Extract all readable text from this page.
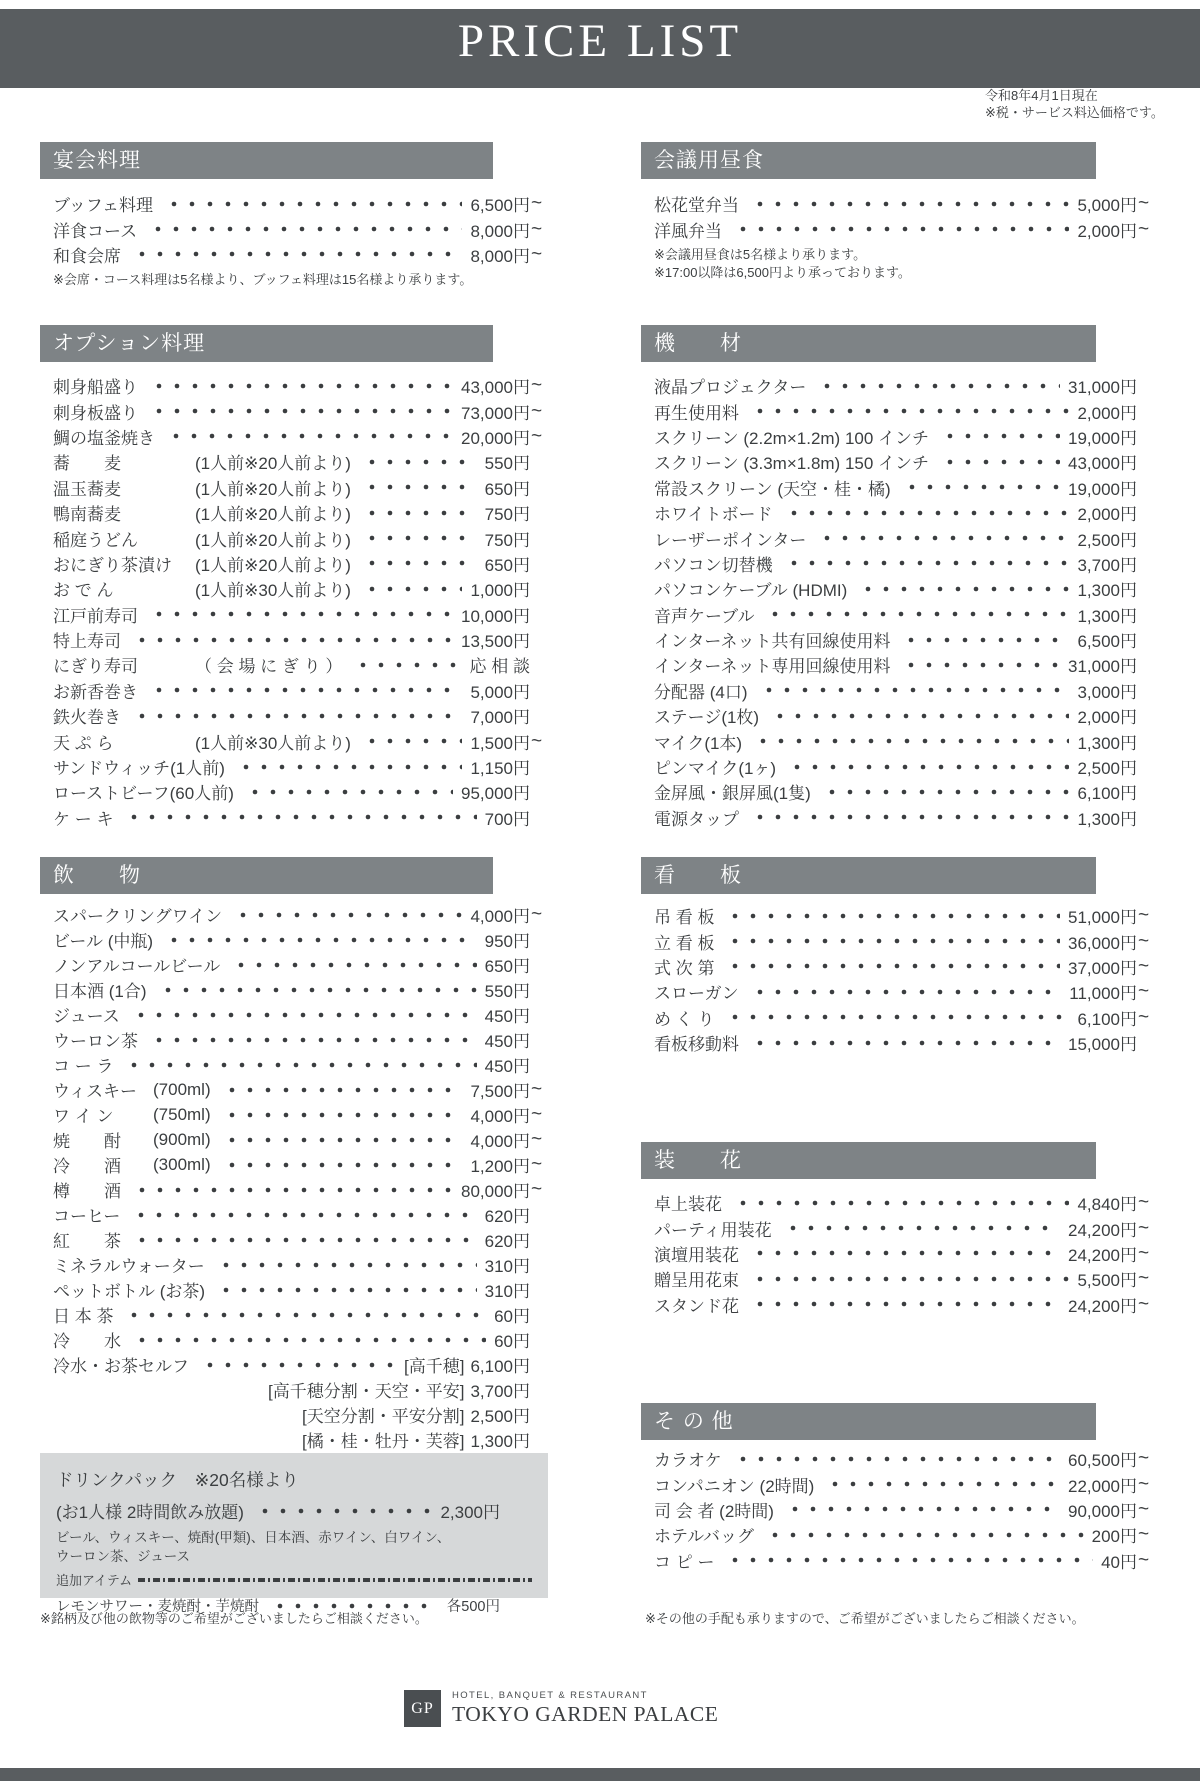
PRICE LIST
令和8年4月1日現在
※税・サービス料込価格です。
宴会料理
ブッフェ料理	6,500円 ~
洋食コース	8,000円 ~
和食会席	8,000円 ~
※会席・コース料理は5名様より、ブッフェ料理は15名様より承ります。
オプション料理
刺身船盛り	43,000円 ~
刺身板盛り	73,000円 ~
鯛の塩釜焼き	20,000円 ~
蕎　　麦	(1人前※20人前より)	550円
温玉蕎麦	(1人前※20人前より)	650円
鴨南蕎麦	(1人前※20人前より)	750円
稲庭うどん	(1人前※20人前より)	750円
おにぎり茶漬け	(1人前※20人前より)	650円
お で ん	(1人前※30人前より)	1,000円
江戸前寿司	10,000円
特上寿司	13,500円
にぎり寿司	（ 会 場 に ぎ り ）	応 相 談
お新香巻き	5,000円
鉄火巻き	7,000円
天 ぷ ら	(1人前※30人前より)	1,500円 ~
サンドウィッチ(1人前)	1,150円
ローストビーフ(60人前)	95,000円
ケ ー キ	700円
飲　　物
スパークリングワイン	4,000円 ~
ビール (中瓶)	950円
ノンアルコールビール	650円
日本酒 (1合)	550円
ジュース	450円
ウーロン茶	450円
コ ー ラ	450円
ウィスキー (700ml)	7,500円 ~
ワ イ ン	(750ml)	4,000円 ~
焼　　酎	(900ml)	4,000円 ~
冷　　酒	(300ml)	1,200円 ~
樽　　酒	80,000円 ~
コーヒー	620円
紅　　茶	620円
ミネラルウォーター	310円
ペットボトル (お茶)	310円
日 本 茶	60円
冷　　水	60円
冷水・お茶セルフ	[高千穂] 6,100円
[高千穂分割・天空・平安] 3,700円
[天空分割・平安分割] 2,500円
[橘・桂・牡丹・芙蓉] 1,300円
ドリンクパック　※20名様より
(お1人様 2時間飲み放題)	2,300円
ビール、ウィスキー、焼酎(甲類)、日本酒、赤ワイン、白ワイン、
ウーロン茶、ジュース
追加アイテム
レモンサワー・麦焼酎・芋焼酎	各500円
会議用昼食
松花堂弁当	5,000円 ~
洋風弁当	2,000円 ~
※会議用昼食は5名様より承ります。
※17:00以降は6,500円より承っております。
機　　材
液晶プロジェクター	31,000円
再生使用料	2,000円
スクリーン (2.2m×1.2m) 100 インチ	19,000円
スクリーン (3.3m×1.8m) 150 インチ	43,000円
常設スクリーン (天空・桂・橘)	19,000円
ホワイトボード	2,000円
レーザーポインター	2,500円
パソコン切替機	3,700円
パソコンケーブル (HDMI)	1,300円
音声ケーブル	1,300円
インターネット共有回線使用料	6,500円
インターネット専用回線使用料	31,000円
分配器 (4口)	3,000円
ステージ(1枚)	2,000円
マイク(1本)	1,300円
ピンマイク(1ヶ)	2,500円
金屏風・銀屏風(1隻)	6,100円
電源タップ	1,300円
看　　板
吊 看 板	51,000円 ~
立 看 板	36,000円 ~
式 次 第	37,000円 ~
スローガン	11,000円 ~
め く り	6,100円 ~
看板移動料	15,000円
装　　花
卓上装花	4,840円 ~
パーティ用装花	24,200円 ~
演壇用装花	24,200円 ~
贈呈用花束	5,500円 ~
スタンド花	24,200円 ~
そ の 他
カラオケ	60,500円 ~
コンパニオン (2時間)	22,000円 ~
司 会 者 (2時間)	90,000円 ~
ホテルバッグ	200円 ~
コ ピ ー	40円 ~
※銘柄及び他の飲物等のご希望がございましたらご相談ください。	※その他の手配も承りますので、ご希望がございましたらご相談ください。
GP
HOTEL, BANQUET & RESTAURANT
TOKYO GARDEN PALACE
